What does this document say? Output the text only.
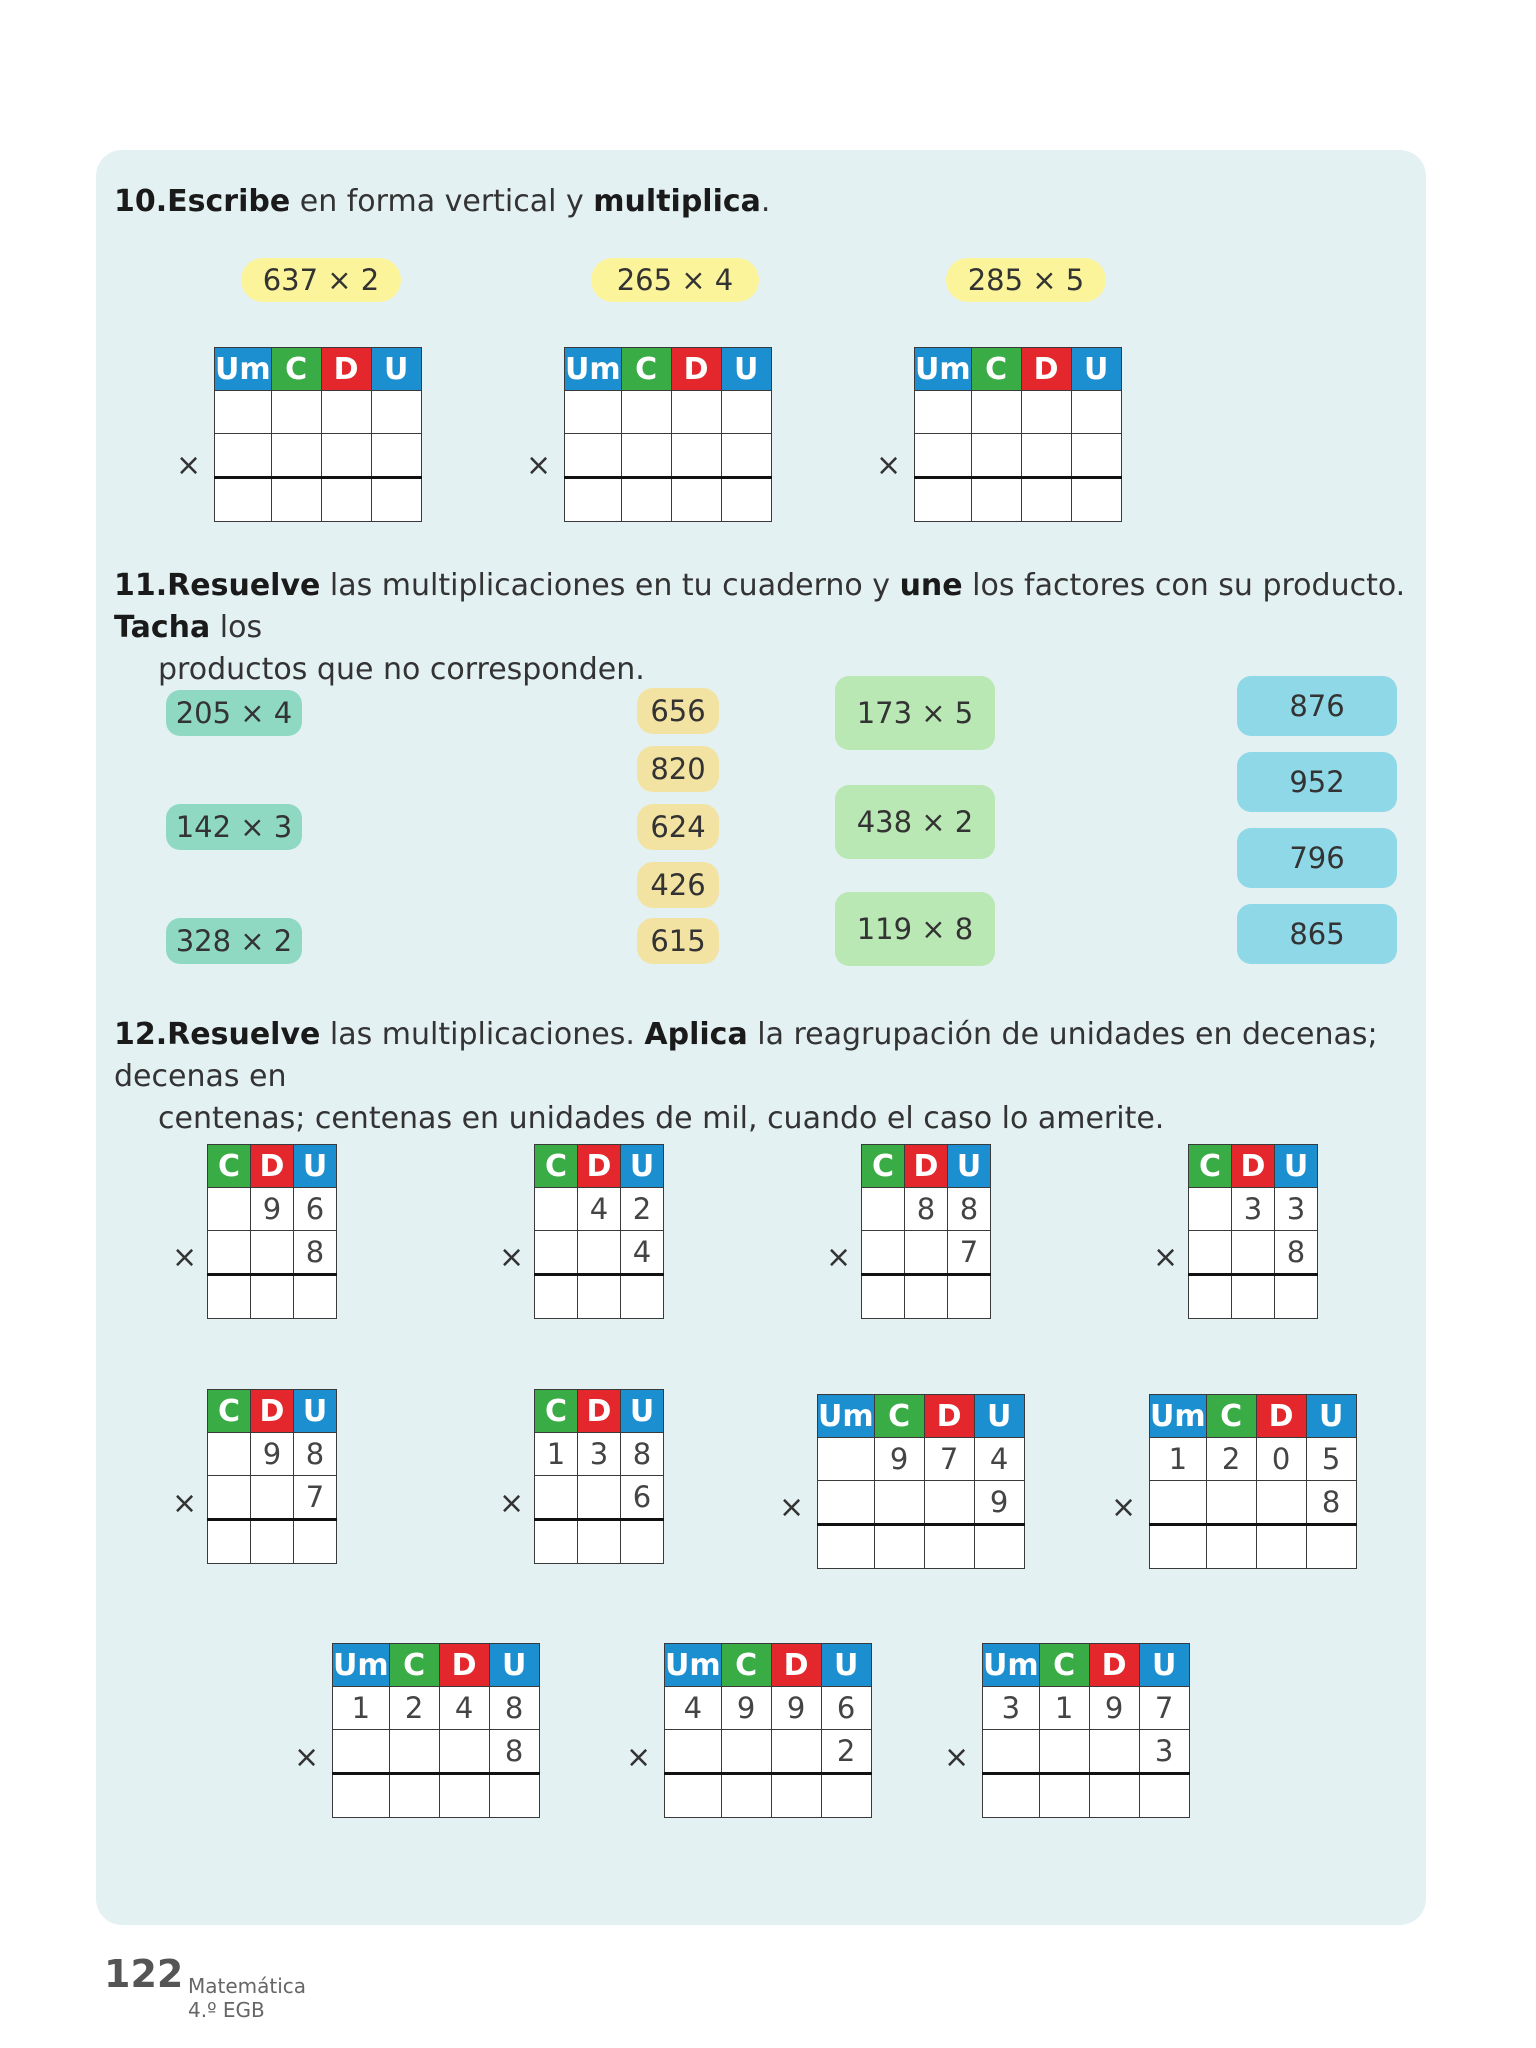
10.Escribe en forma vertical y multiplica.
637 × 2	265 × 4	285 × 5
×
Um	C	D	U

×
Um	C	D	U

×
Um	C	D	U

11.Resuelve las multiplicaciones en tu cuaderno y une los factores con su producto. Tacha los
productos que no corresponden.
205 × 4
142 × 3
328 × 2
656
820
624
426
615
173 × 5
438 × 2
119 × 8
876
952
796
865
12.Resuelve las multiplicaciones. Aplica la reagrupación de unidades en decenas; decenas en
centenas; centenas en unidades de mil, cuando el caso lo amerite.
×
C	D	U
	9	6
		8
			×
C	D	U
	4	2
		4
			×
C	D	U
	8	8
		7
			×
C	D	U
	3	3
		8

×
C	D	U
	9	8
		7
			×
C	D	U
1	3	8
		6
			×
Um	C	D	U
	9	7	4
			9
				×
Um	C	D	U
1	2	0	5
			8

×
Um	C	D	U
1	2	4	8
			8
				×
Um	C	D	U
4	9	9	6
			2
				×
Um	C	D	U
3	1	9	7
			3

122 Matemática
4.º EGB
